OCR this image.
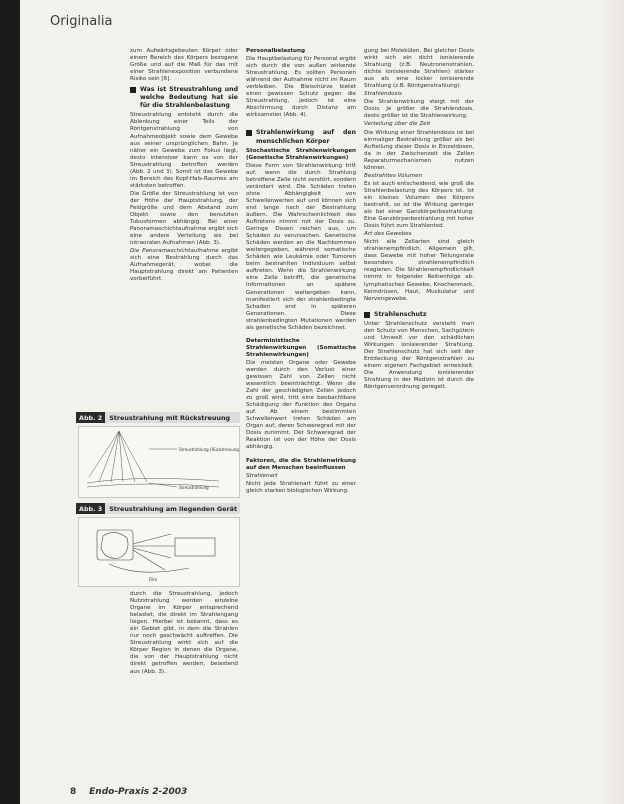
Originalia

zum Aufwärtsgebeuten Körper oder einem Bereich des Körpers bezogene Größe und auf die Maß für das mit einer Strahlenexposition verbundene Risiko sein [6].

Was ist Streustrahlung und welche Bedeutung hat sie für die Strahlenbelastung

Streustrahlung entsteht durch die Ablenkung einer Teils der Röntgenstrahlung von Aufnahmeobjekt sowie dem Gewebe aus seiner ursprünglichen Bahn. Je näher ein Gewebe zum Fokus liegt, desto intensiver kann es von der Streustrahlung betroffen werden (Abb. 2 und 3). Somit ist das Gewebe im Bereich des Kopf-Hals-Raumes am stärksten betroffen.

Die Größe der Streustrahlung ist von der Höhe der Hauptstrahlung, der Feldgröße und dem Abstand zum Objekt sowie den benutzten Tubusformen abhängig. Bei einer Panoramaschichtaufnahme ergibt sich eine andere Verteilung als bei intraoralen Aufnahmen (Abb. 3).

Die Panoramaschichtaufnahme ergibt sich eine Bestrahlung durch das Aufnahmegerät, wobei die Hauptstrahlung direkt am Patienten vorbeiführt.

Abb. 2	Streustrahlung mit Rückstreuung
Streustrahlung (Rückstreuung)
Streustrahlung
Abb. 3	Streustrahlung am liegenden Gerät
Film

durch die Streustrahlung, jedoch Nutzstrahlung werden einzelne Organe im Körper entsprechend belastet, die direkt im Strahlengang liegen. Hierbei ist bekannt, dass es ein Gebiet gibt, in dem die Strahlen nur noch geschwächt auftreffen. Die Streustrahlung wirkt sich auf die Körper Region in denen die Organe, die von der Hauptstrahlung nicht direkt getroffen werden, belastend aus (Abb. 3).

Personalbelastung

Die Hauptbelastung für Personal ergibt sich durch die von außen wirkende Streustrahlung. Es sollten Personen während der Aufnahme nicht im Raum verbleiben. Die Bleischürze bietet einen gewissen Schutz gegen die Streustrahlung, jedoch ist eine Abschirmung durch Distanz am wirksamsten (Abb. 4).

Strahlenwirkung auf den menschlichen Körper

Stochastische Strahlenwirkungen (Genetische Strahlenwirkungen)

Diese Form von Strahlenwirkung tritt auf, wenn die durch Strahlung betroffene Zelle nicht zerstört, sondern verändert wird. Die Schäden treten ohne Abhängigkeit von Schwellenwerten auf und können sich erst lange nach der Bestrahlung äußern. Die Wahrscheinlichkeit des Auftretens nimmt mit der Dosis zu. Geringe Dosen reichen aus, um Schäden zu verursachen. Genetische Schäden werden an die Nachkommen weitergegeben, während somatische Schäden wie Leukämie oder Tumoren beim bestrahlten Individuum selbst auftreten. Wenn die Strahlenwirkung eine Zelle betrifft, die genetische Informationen an spätere Generationen weitergeben kann, manifestiert sich der strahlenbedingte Schaden erst in späteren Generationen. Diese strahlenbedingten Mutationen werden als genetische Schäden bezeichnet.

Deterministische Strahlenwirkungen (Somatische Strahlenwirkungen)

Die meisten Organe oder Gewebe werden durch den Verlust einer gewissen Zahl von Zellen nicht wesentlich beeinträchtigt. Wenn die Zahl der geschädigten Zellen jedoch zu groß wird, tritt eine beobachtbare Schädigung der Funktion des Organs auf. Ab einem bestimmten Schwellenwert treten Schäden am Organ auf, deren Schweregrad mit der Dosis zunimmt. Der Schweregrad der Reaktion ist von der Höhe der Dosis abhängig.

Faktoren, die die Strahlenwirkung auf den Menschen beeinflussen

Strahlenart

Nicht jede Strahlenart führt zu einer gleich starken biologischen Wirkung.

gung bei Molekülen. Bei gleicher Dosis wirkt sich ein dicht ionisierende Strahlung (z.B. Neutronenstrahlen, dichte ionisierende Strahlen) stärker aus als eine locker ionisierende Strahlung (z.B. Röntgenstrahlung).

Strahlendosis

Die Strahlenwirkung steigt mit der Dosis. Je größer die Strahlendosis, desto größer ist die Strahlenwirkung.

Verteilung über die Zeit

Die Wirkung einer Strahlendosis ist bei einmaliger Bestrahlung größer als bei Aufteilung dieser Dosis in Einzeldosen, da in der Zwischenzeit die Zellen Reparaturmechanismen nutzen können.

Bestrahltes Volumen

Es ist auch entscheidend, wie groß die Strahlenbelastung des Körpers ist. Ist ein kleines Volumen des Körpers bestrahlt, so ist die Wirkung geringer als bei einer Ganzkörperbestrahlung. Eine Ganzkörperbestrahlung mit hoher Dosis führt zum Strahlentod.

Art des Gewebes

Nicht alle Zellarten sind gleich strahlenempfindlich. Allgemein gilt, dass Gewebe mit hoher Teilungsrate besonders strahlenempfindlich reagieren. Die Strahlenempfindlichkeit nimmt in folgender Reihenfolge ab: lymphatisches Gewebe, Knochenmark, Keimdrüsen, Haut, Muskulatur und Nervengewebe.

Strahlenschutz

Unter Strahlenschutz versteht man den Schutz von Menschen, Sachgütern und Umwelt vor den schädlichen Wirkungen ionisierender Strahlung. Der Strahlenschutz hat sich seit der Entdeckung der Röntgenstrahlen zu einem eigenen Fachgebiet entwickelt. Die Anwendung ionisierender Strahlung in der Medizin ist durch die Röntgenverordnung geregelt.

8 Endo-Praxis 2-2003
